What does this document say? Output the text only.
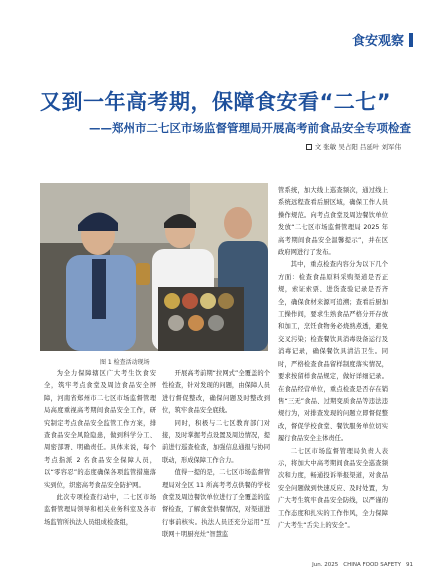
食安观察
又到一年高考期，保障食安看“二七”
——郑州市二七区市场监督管理局开展高考前食品安全专项检查
文 张敏 吴占阳 吕延叶 刘军伟
图 1 检查活动现场

为全力保障辖区广大考生饮食安全，筑牢考点食堂及周边食品安全屏障，河南省郑州市二七区市场监督管理局高度重视高考期间食品安全工作，研究制定考点食品安全监管工作方案，排查食品安全风险隐患，做到科学分工、周密部署、明确责任。具体来说，每个考点指派 2 名食品安全保障人员，以“零容忍”的态度确保各项监管措施落实到位，织密高考食品安全防护网。

此次专项检查行动中，二七区市场监督管理局领导和相关业务科室及各市场监管所执法人员组成检查组，

开展高考前期“拉网式”全覆盖的个性检查，针对发现的问题，由保障人员进行督促整改，确保问题及时整改到位，筑牢食品安全底线。

同时，积极与二七区教育部门对接，及时掌握考点设置及周边情况，提前进行巡查检查，加强信息通报与协同联动，形成保障工作合力。

值得一提的是，二七区市场监督管理局对全区 11 所高考考点供餐的学校食堂及周边餐饮单位进行了全覆盖的监督检查，了解食堂供餐情况，对渠道进行事前核实。执法人员还充分运用“互联网＋明厨亮灶”智慧监

管系统，加大线上巡查频次，通过线上系统远程查看后厨区域，确保工作人员操作规范。向考点食堂及周边餐饮单位发放“二七区市场监督管理局 2025 年高考期间食品安全温馨提示”，并在区政府网进行了发布。

其中，重点检查内容分为以下几个方面：检查食品原料采购渠道是否正规，索证索票、进货查验记录是否齐全，确保食材来源可追溯；查看后厨加工操作间，要求生熟食品严格分开存放和加工，烹饪食物务必烧熟煮透，避免交叉污染；检查餐饮具消毒设备运行及消毒记录，确保餐饮具清洁卫生。同时，严格检查食品留样制度落实情况，要求按留样食品规定，做好详细记录。在食品经营单位，重点检查是否存在销售“三无”食品、过期变质食品等违法违规行为，对排查发现的问题立即督促整改，督促学校食堂、餐饮服务单位切实履行食品安全主体责任。

二七区市场监督管理局负责人表示，将加大中高考期间食品安全巡查频次和力度，畅通投诉举报渠道，对食品安全问题做到快速反应、及时处置，为广大考生筑牢食品安全防线，以严谨的工作态度和扎实的工作作风，全力保障广大考生“舌尖上的安全”。

Jun. 2025 CHINA FOOD SAFETY 91
